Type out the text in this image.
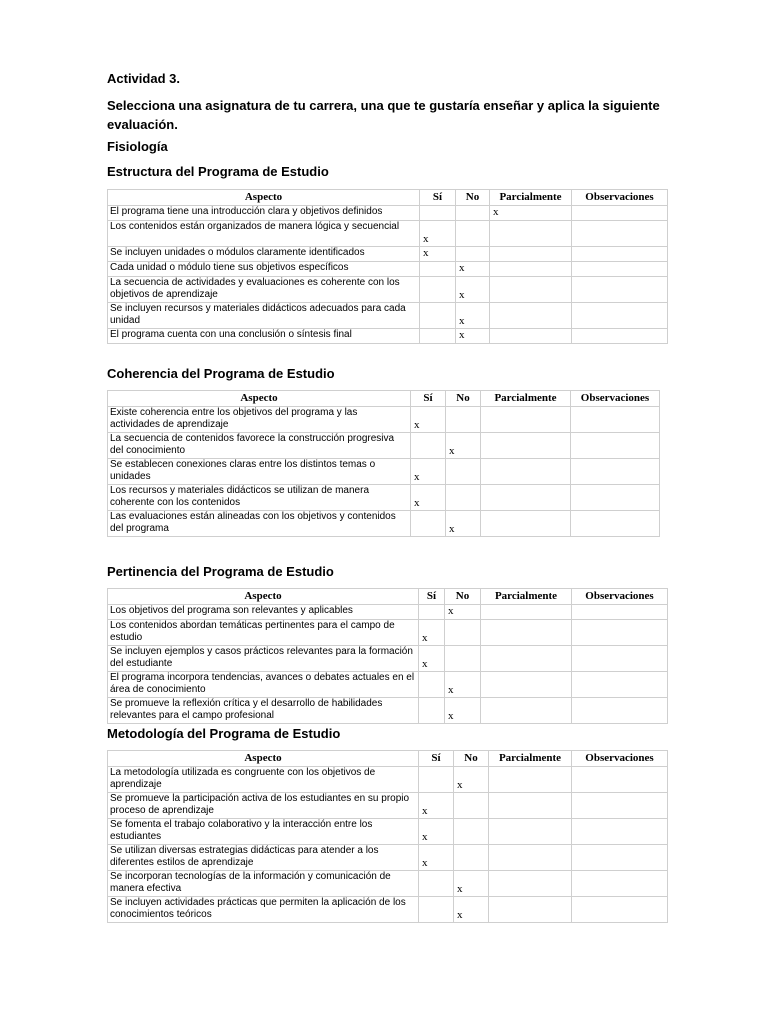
Actividad 3.
Selecciona una asignatura de tu carrera, una que te gustaría enseñar y aplica la siguiente evaluación.
Fisiología
Estructura del Programa de Estudio
Aspecto	Sí	No	Parcialmente	Observaciones
El programa tiene una introducción clara y objetivos definidos			x	
Los contenidos están organizados de manera lógica y secuencial	x			
Se incluyen unidades o módulos claramente identificados	x			
Cada unidad o módulo tiene sus objetivos específicos		x		
La secuencia de actividades y evaluaciones es coherente con los objetivos de aprendizaje		x		
Se incluyen recursos y materiales didácticos adecuados para cada unidad		x		
El programa cuenta con una conclusión o síntesis final		x		
Coherencia del Programa de Estudio
Aspecto	Sí	No	Parcialmente	Observaciones
Existe coherencia entre los objetivos del programa y las actividades de aprendizaje	x			
La secuencia de contenidos favorece la construcción progresiva del conocimiento		x		
Se establecen conexiones claras entre los distintos temas o unidades	x			
Los recursos y materiales didácticos se utilizan de manera coherente con los contenidos	x			
Las evaluaciones están alineadas con los objetivos y contenidos del programa		x		
Pertinencia del Programa de Estudio
Aspecto	Sí	No	Parcialmente	Observaciones
Los objetivos del programa son relevantes y aplicables		x		
Los contenidos abordan temáticas pertinentes para el campo de estudio	x			
Se incluyen ejemplos y casos prácticos relevantes para la formación del estudiante	x			
El programa incorpora tendencias, avances o debates actuales en el área de conocimiento		x		
Se promueve la reflexión crítica y el desarrollo de habilidades relevantes para el campo profesional		x		
Metodología del Programa de Estudio
Aspecto	Sí	No	Parcialmente	Observaciones
La metodología utilizada es congruente con los objetivos de aprendizaje		x		
Se promueve la participación activa de los estudiantes en su propio proceso de aprendizaje	x			
Se fomenta el trabajo colaborativo y la interacción entre los estudiantes	x			
Se utilizan diversas estrategias didácticas para atender a los diferentes estilos de aprendizaje	x			
Se incorporan tecnologías de la información y comunicación de manera efectiva		x		
Se incluyen actividades prácticas que permiten la aplicación de los conocimientos teóricos		x		
